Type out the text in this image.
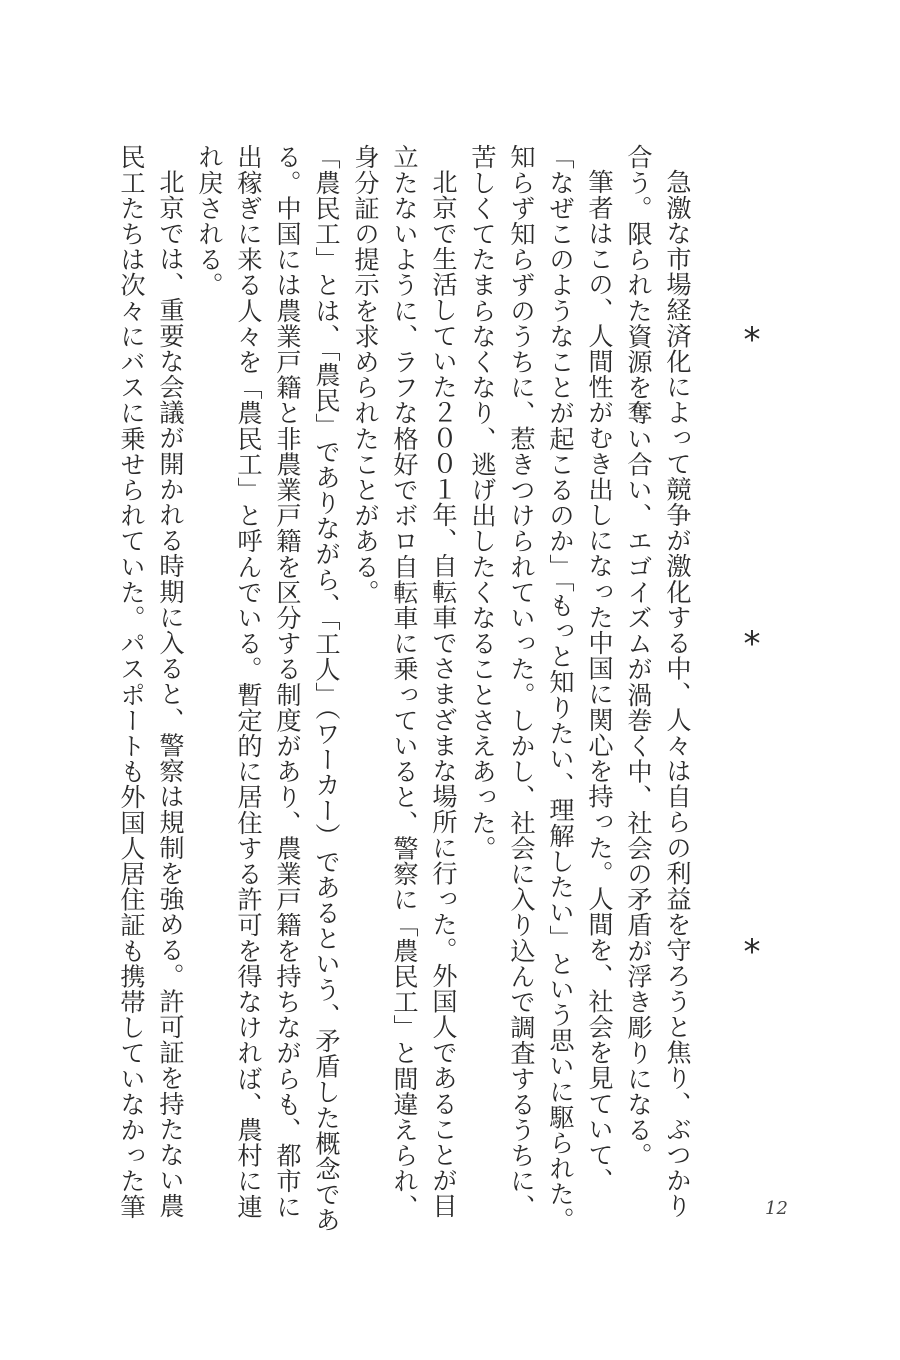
*
*
*
急激な市場経済化によって競争が激化する中、人々は自らの利益を守ろうと焦り、ぶつかり
合う。限られた資源を奪い合い、エゴイズムが渦巻く中、社会の矛盾が浮き彫りになる。
筆者はこの、人間性がむき出しになった中国に関心を持った。人間を、社会を見ていて、
「なぜこのようなことが起こるのか」「もっと知りたい、理解したい」という思いに駆られた。
知らず知らずのうちに、惹きつけられていった。しかし、社会に入り込んで調査するうちに、
苦しくてたまらなくなり、逃げ出したくなることさえあった。
北京で生活していた２００１年、自転車でさまざまな場所に行った。外国人であることが目
立たないように、ラフな格好でボロ自転車に乗っていると、警察に「農民工」と間違えられ、
身分証の提示を求められたことがある。
「農民工」とは、「農民」でありながら、「工人」（ワーカー）であるという、矛盾した概念であ
る。中国には農業戸籍と非農業戸籍を区分する制度があり、農業戸籍を持ちながらも、都市に
出稼ぎに来る人々を「農民工」と呼んでいる。暫定的に居住する許可を得なければ、農村に連
れ戻される。
北京では、重要な会議が開かれる時期に入ると、警察は規制を強める。許可証を持たない農
民工たちは次々にバスに乗せられていた。パスポートも外国人居住証も携帯していなかった筆	12
